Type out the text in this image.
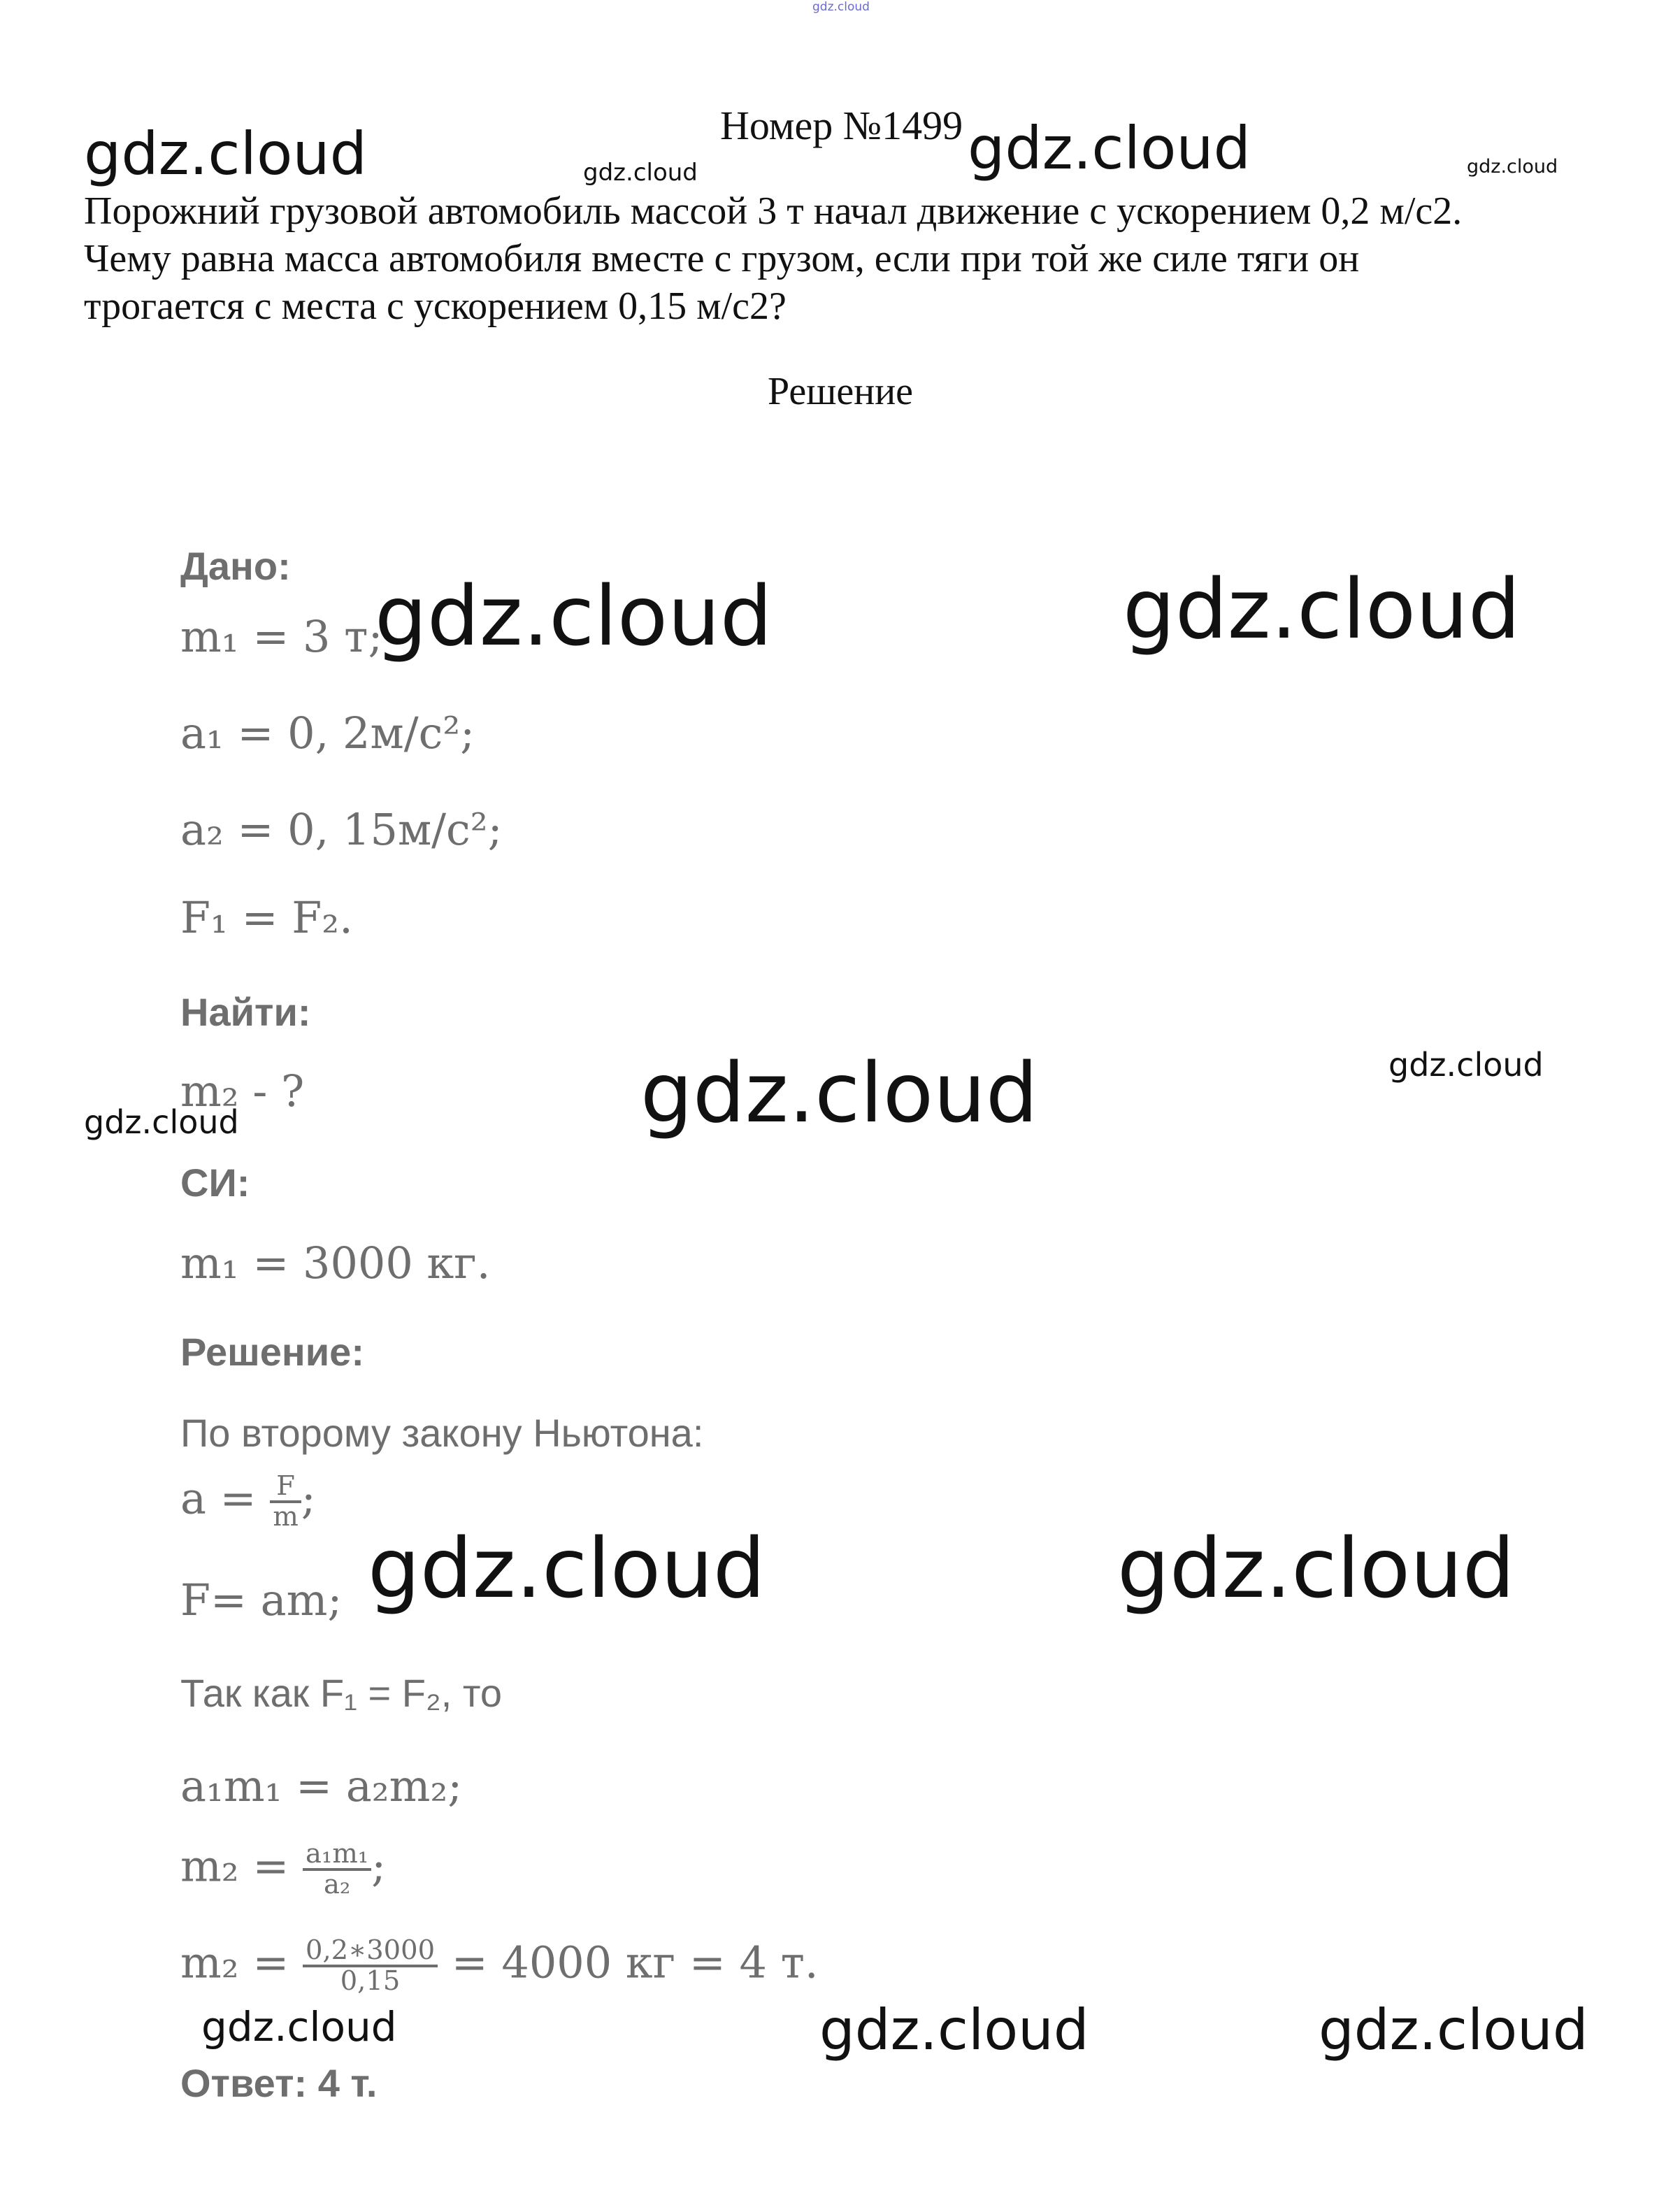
gdz.cloud
Номер №1499
Порожний грузовой автомобиль массой 3 т начал движение с ускорением 0,2 м/с2.
Чему равна масса автомобиля вместе с грузом, если при той же силе тяги он
трогается с места с ускорением 0,15 м/с2?
Решение
Дано:
m₁ = 3 т;
a₁ = 0, 2м/с²;
a₂ = 0, 15м/с²;
F₁ = F₂.
Найти:
m₂ - ?
СИ:
m₁ = 3000 кг.
Решение:
По второму закону Ньютона:
$a = \frac{F}{m}$ ;
F= am;
Так как F₁ = F₂, то
a₁m₁ = a₂m₂;
$m_2 = \frac{\text{a₁m₁}}{\text{a₂}}$ ;
$m_2 = \frac{0,2∗3000}{0,15} = 4000$ кг = 4 т.
Ответ: 4 т.
gdz.cloud	gdz.cloud	gdz.cloud	gdz.cloud
gdz.cloud	gdz.cloud
gdz.cloud	gdz.cloud
gdz.cloud
gdz.cloud	gdz.cloud
gdz.cloud	gdz.cloud	gdz.cloud
